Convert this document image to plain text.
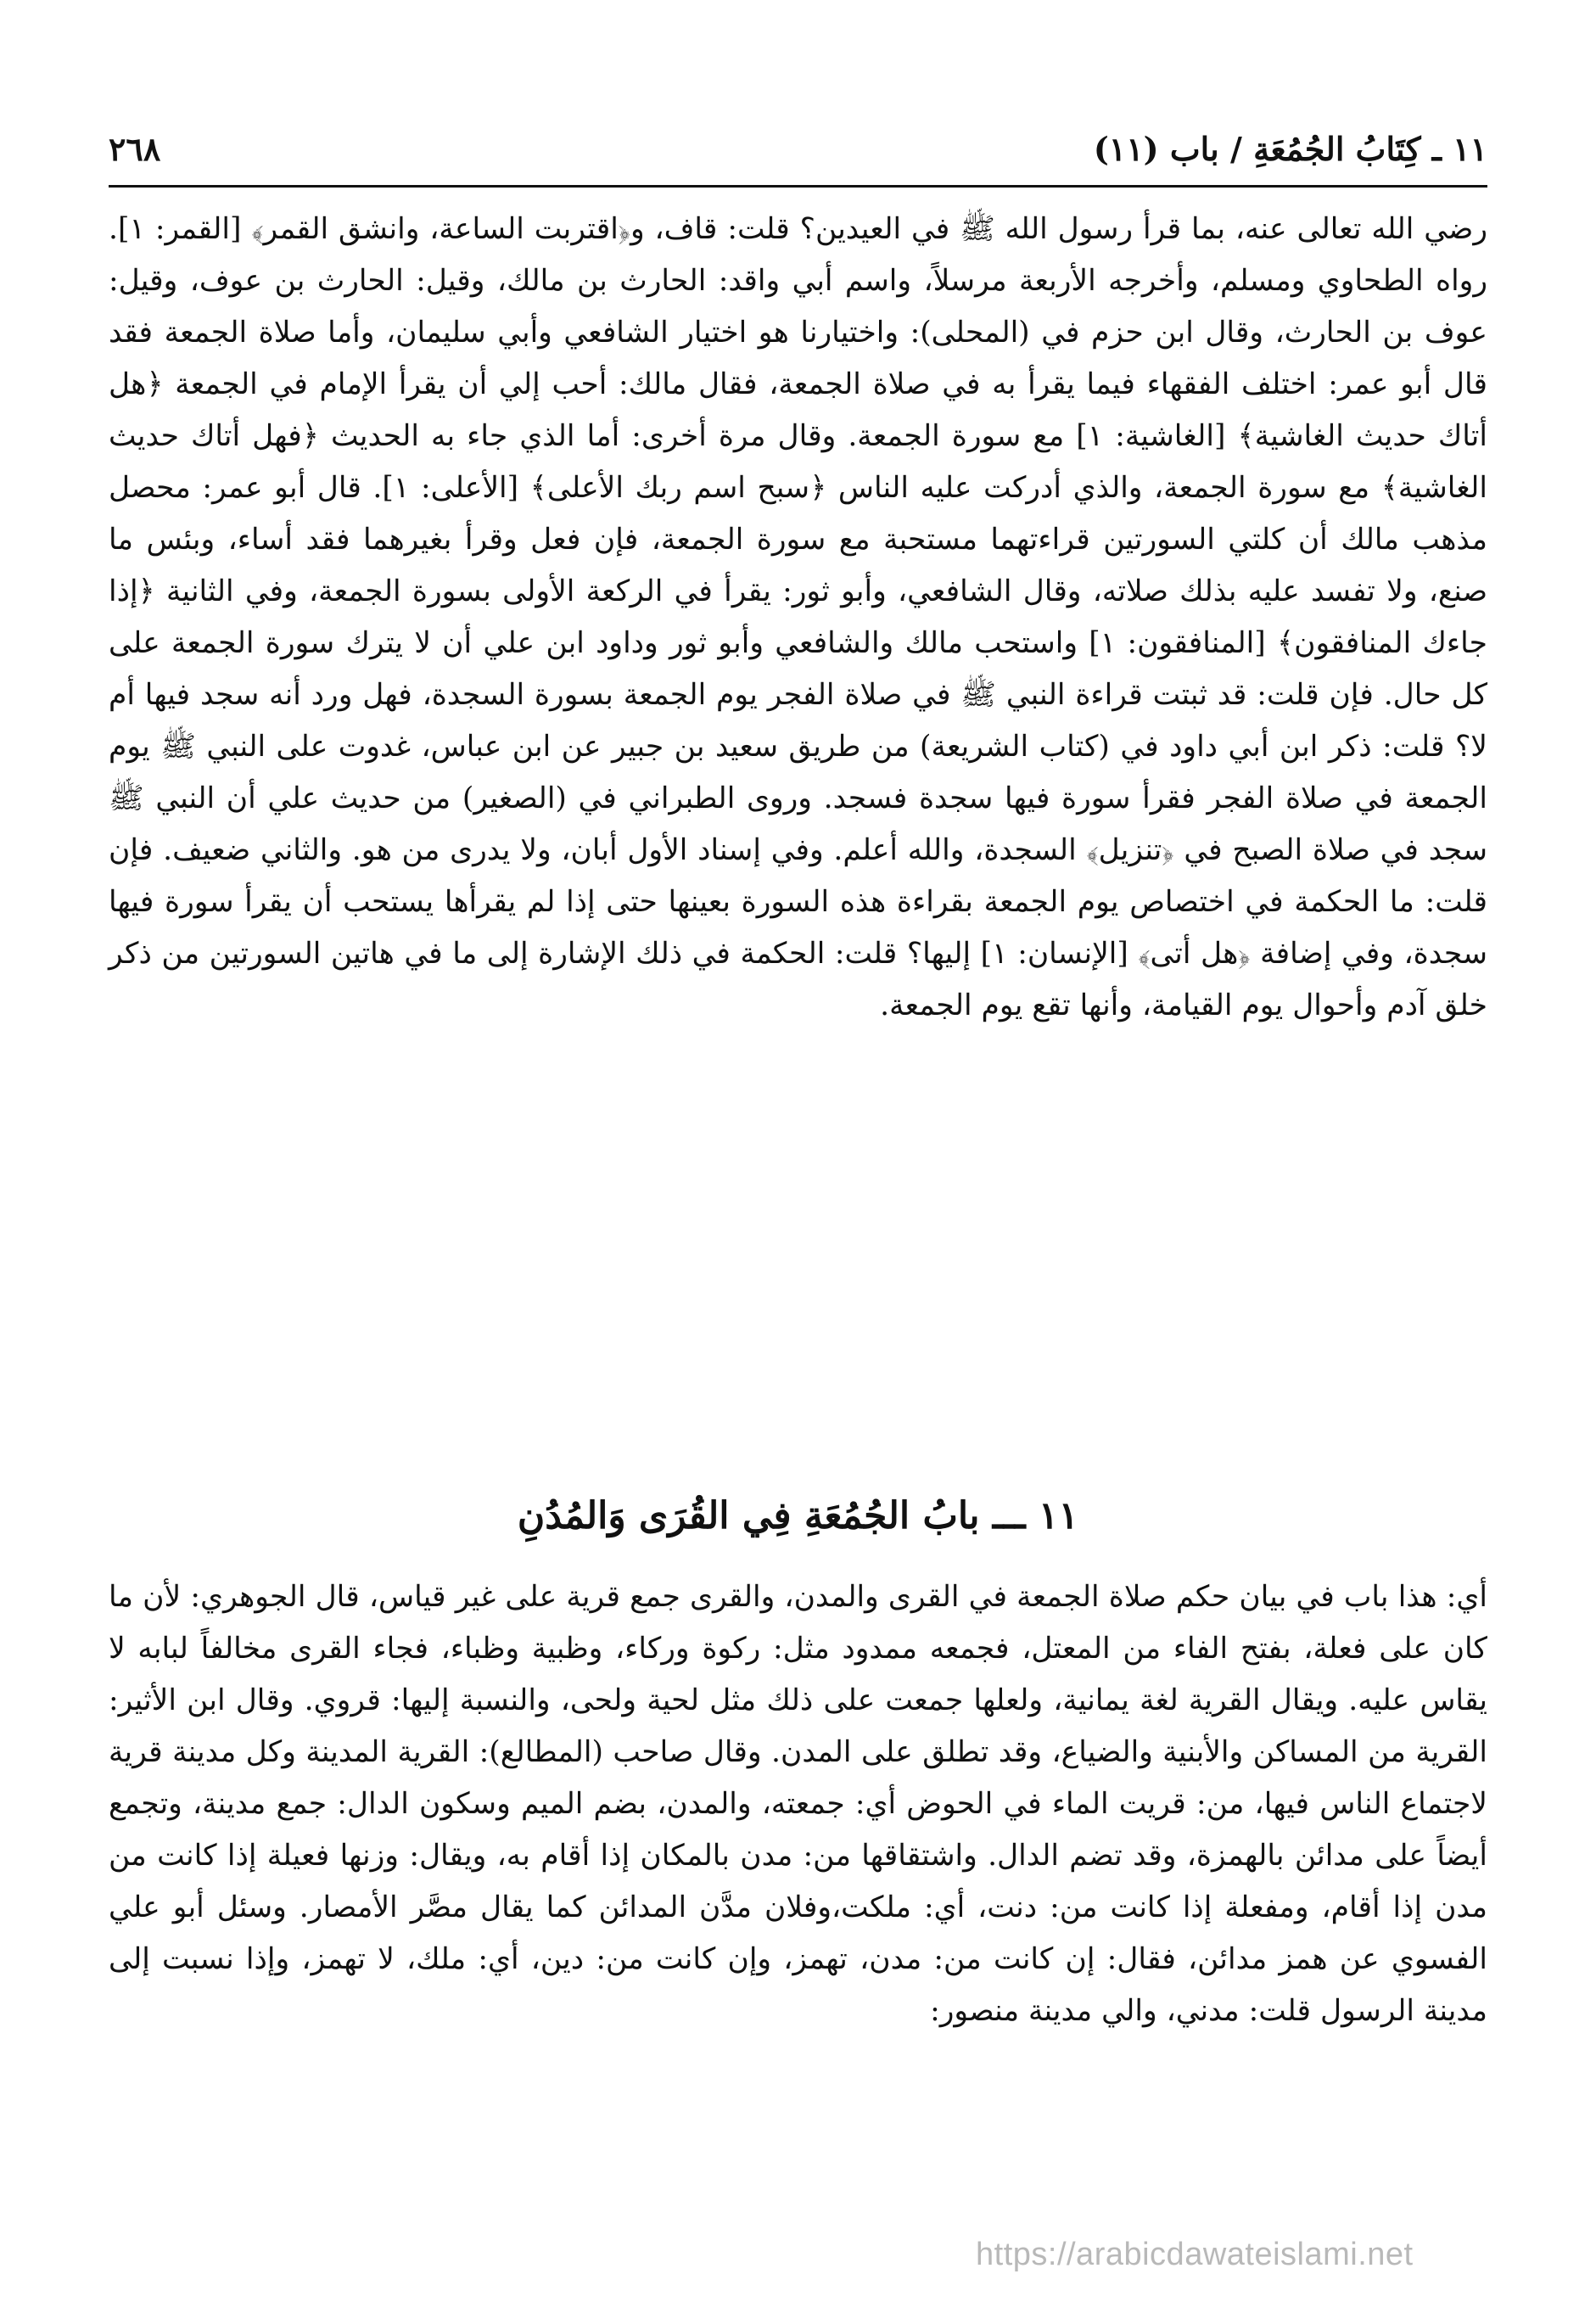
١١ ـ كِتَابُ الجُمُعَةِ / باب (١١)
٢٦٨

رضي الله تعالى عنه، بما قرأ رسول الله ﷺ في العيدين؟ قلت: قاف، و﴿اقتربت الساعة، وانشق القمر﴾ [القمر: ١]. رواه الطحاوي ومسلم، وأخرجه الأربعة مرسلاً، واسم أبي واقد: الحارث بن مالك، وقيل: الحارث بن عوف، وقيل: عوف بن الحارث، وقال ابن حزم في (المحلى): واختيارنا هو اختيار الشافعي وأبي سليمان، وأما صلاة الجمعة فقد قال أبو عمر: اختلف الفقهاء فيما يقرأ به في صلاة الجمعة، فقال مالك: أحب إلي أن يقرأ الإمام في الجمعة ﴿هل أتاك حديث الغاشية﴾ [الغاشية: ١] مع سورة الجمعة. وقال مرة أخرى: أما الذي جاء به الحديث ﴿فهل أتاك حديث الغاشية﴾ مع سورة الجمعة، والذي أدركت عليه الناس ﴿سبح اسم ربك الأعلى﴾ [الأعلى: ١]. قال أبو عمر: محصل مذهب مالك أن كلتي السورتين قراءتهما مستحبة مع سورة الجمعة، فإن فعل وقرأ بغيرهما فقد أساء، وبئس ما صنع، ولا تفسد عليه بذلك صلاته، وقال الشافعي، وأبو ثور: يقرأ في الركعة الأولى بسورة الجمعة، وفي الثانية ﴿إذا جاءك المنافقون﴾ [المنافقون: ١] واستحب مالك والشافعي وأبو ثور وداود ابن علي أن لا يترك سورة الجمعة على كل حال. فإن قلت: قد ثبتت قراءة النبي ﷺ في صلاة الفجر يوم الجمعة بسورة السجدة، فهل ورد أنه سجد فيها أم لا؟ قلت: ذكر ابن أبي داود في (كتاب الشريعة) من طريق سعيد بن جبير عن ابن عباس، غدوت على النبي ﷺ يوم الجمعة في صلاة الفجر فقرأ سورة فيها سجدة فسجد. وروى الطبراني في (الصغير) من حديث علي أن النبي ﷺ سجد في صلاة الصبح في ﴿تنزيل﴾ السجدة، والله أعلم. وفي إسناد الأول أبان، ولا يدرى من هو. والثاني ضعيف. فإن قلت: ما الحكمة في اختصاص يوم الجمعة بقراءة هذه السورة بعينها حتى إذا لم يقرأها يستحب أن يقرأ سورة فيها سجدة، وفي إضافة ﴿هل أتى﴾ [الإنسان: ١] إليها؟ قلت: الحكمة في ذلك الإشارة إلى ما في هاتين السورتين من ذكر خلق آدم وأحوال يوم القيامة، وأنها تقع يوم الجمعة.

١١ ـــ بابُ الجُمُعَةِ فِي القُرَى وَالمُدُنِ

أي: هذا باب في بيان حكم صلاة الجمعة في القرى والمدن، والقرى جمع قرية على غير قياس، قال الجوهري: لأن ما كان على فعلة، بفتح الفاء من المعتل، فجمعه ممدود مثل: ركوة وركاء، وظبية وظباء، فجاء القرى مخالفاً لبابه لا يقاس عليه. ويقال القرية لغة يمانية، ولعلها جمعت على ذلك مثل لحية ولحى، والنسبة إليها: قروي. وقال ابن الأثير: القرية من المساكن والأبنية والضياع، وقد تطلق على المدن. وقال صاحب (المطالع): القرية المدينة وكل مدينة قرية لاجتماع الناس فيها، من: قريت الماء في الحوض أي: جمعته، والمدن، بضم الميم وسكون الدال: جمع مدينة، وتجمع أيضاً على مدائن بالهمزة، وقد تضم الدال. واشتقاقها من: مدن بالمكان إذا أقام به، ويقال: وزنها فعيلة إذا كانت من مدن إذا أقام، ومفعلة إذا كانت من: دنت، أي: ملكت،وفلان مدَّن المدائن كما يقال مصَّر الأمصار. وسئل أبو علي الفسوي عن همز مدائن، فقال: إن كانت من: مدن، تهمز، وإن كانت من: دين، أي: ملك، لا تهمز، وإذا نسبت إلى مدينة الرسول قلت: مدني، والي مدينة منصور:

https://arabicdawateislami.net
